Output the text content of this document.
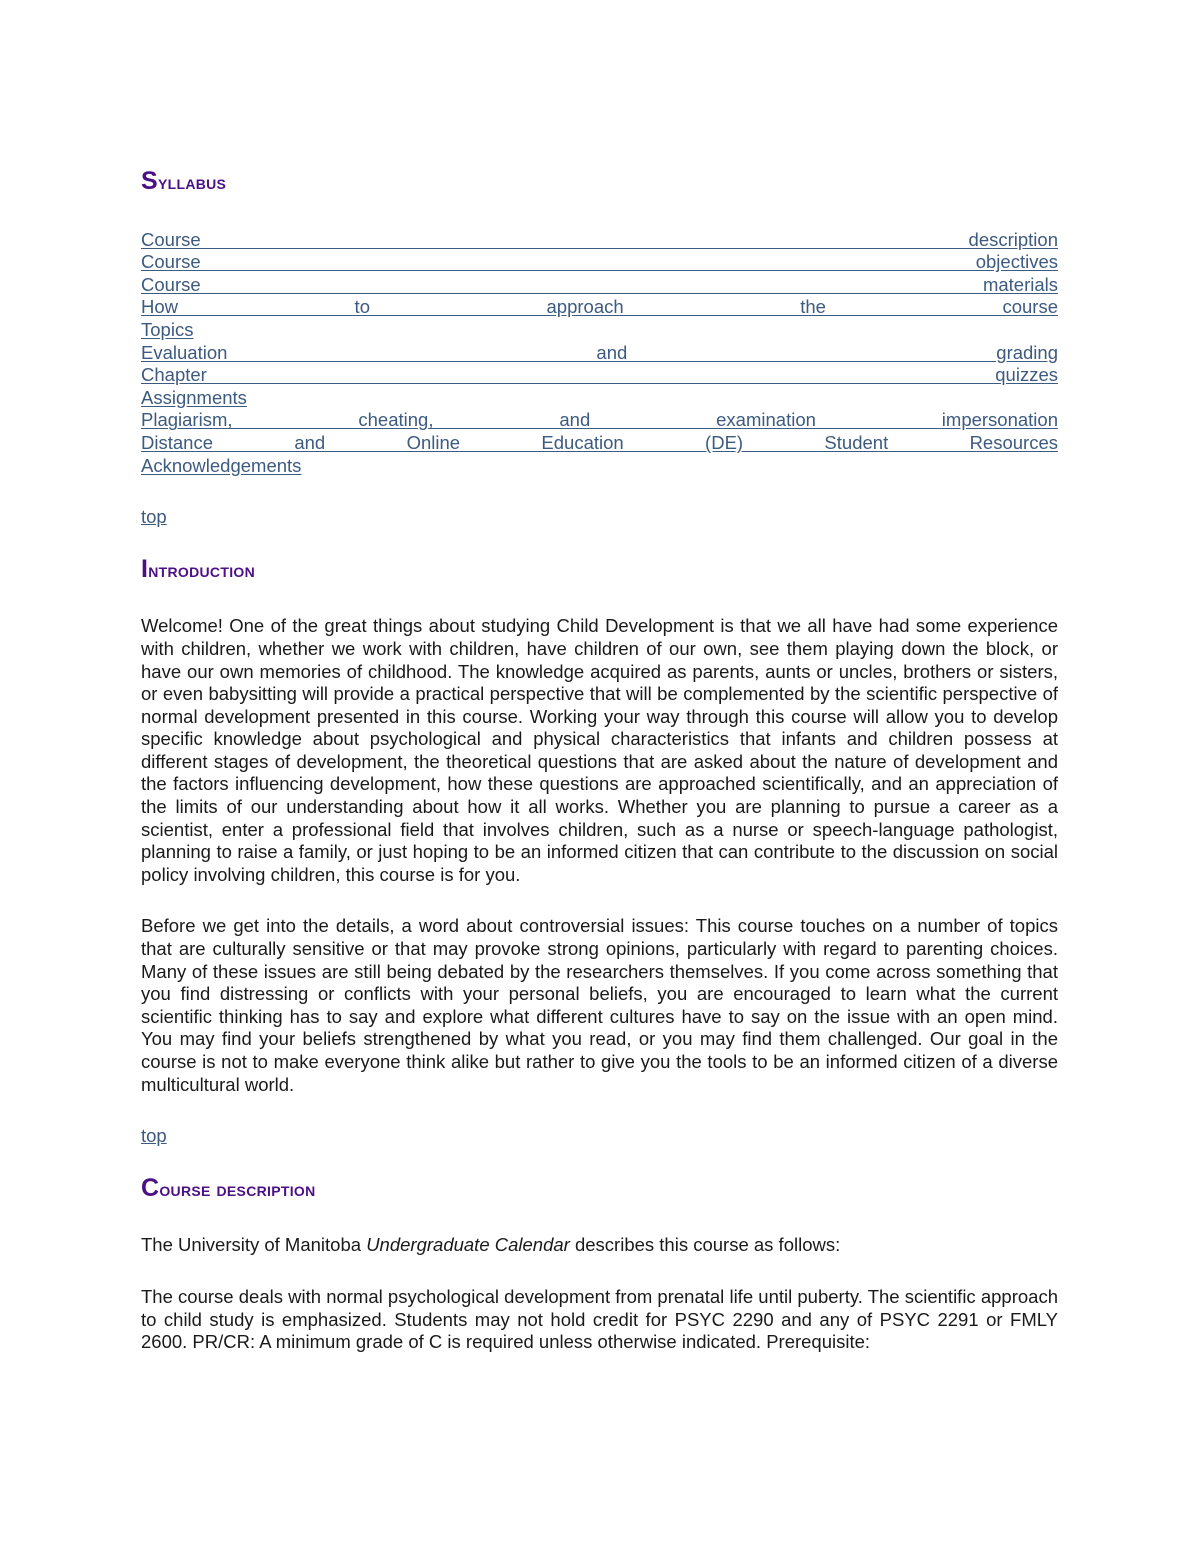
Syllabus
Course description
Course objectives
Course materials
How to approach the course
Topics
Evaluation and grading
Chapter quizzes
Assignments
Plagiarism, cheating, and examination impersonation
Distance and Online Education (DE) Student Resources
Acknowledgements
top
Introduction

Welcome! One of the great things about studying Child Development is that we all have had some experience with children, whether we work with children, have children of our own, see them playing down the block, or have our own memories of childhood. The knowledge acquired as parents, aunts or uncles, brothers or sisters, or even babysitting will provide a practical perspective that will be complemented by the scientific perspective of normal development presented in this course. Working your way through this course will allow you to develop specific knowledge about psychological and physical characteristics that infants and children possess at different stages of development, the theoretical questions that are asked about the nature of development and the factors influencing development, how these questions are approached scientifically, and an appreciation of the limits of our understanding about how it all works. Whether you are planning to pursue a career as a scientist, enter a professional field that involves children, such as a nurse or speech-language pathologist, planning to raise a family, or just hoping to be an informed citizen that can contribute to the discussion on social policy involving children, this course is for you.

Before we get into the details, a word about controversial issues: This course touches on a number of topics that are culturally sensitive or that may provoke strong opinions, particularly with regard to parenting choices. Many of these issues are still being debated by the researchers themselves. If you come across something that you find distressing or conflicts with your personal beliefs, you are encouraged to learn what the current scientific thinking has to say and explore what different cultures have to say on the issue with an open mind. You may find your beliefs strengthened by what you read, or you may find them challenged. Our goal in the course is not to make everyone think alike but rather to give you the tools to be an informed citizen of a diverse multicultural world.

top
Course description

The University of Manitoba Undergraduate Calendar describes this course as follows:

The course deals with normal psychological development from prenatal life until puberty. The scientific approach to child study is emphasized. Students may not hold credit for PSYC 2290 and any of PSYC 2291 or FMLY 2600. PR/CR: A minimum grade of C is required unless otherwise indicated. Prerequisite:
